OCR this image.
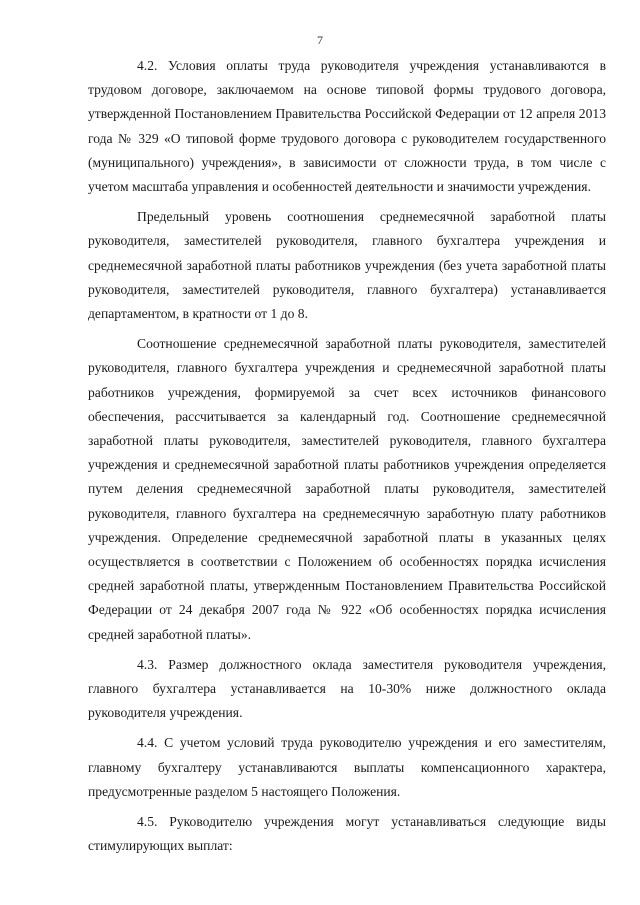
7

4.2. Условия оплаты труда руководителя учреждения устанавливаются в трудовом договоре, заключаемом на основе типовой формы трудового договора, утвержденной Постановлением Правительства Российской Федерации от 12 апреля 2013 года № 329 «О типовой форме трудового договора с руководителем государственного (муниципального) учреждения», в зависимости от сложности труда, в том числе с учетом масштаба управления и особенностей деятельности и значимости учреждения.

Предельный уровень соотношения среднемесячной заработной платы руководителя, заместителей руководителя, главного бухгалтера учреждения и среднемесячной заработной платы работников учреждения (без учета заработной платы руководителя, заместителей руководителя, главного бухгалтера) устанавливается департаментом, в кратности от 1 до 8.

Соотношение среднемесячной заработной платы руководителя, заместителей руководителя, главного бухгалтера учреждения и среднемесячной заработной платы работников учреждения, формируемой за счет всех источников финансового обеспечения, рассчитывается за календарный год. Соотношение среднемесячной заработной платы руководителя, заместителей руководителя, главного бухгалтера учреждения и среднемесячной заработной платы работников учреждения определяется путем деления среднемесячной заработной платы руководителя, заместителей руководителя, главного бухгалтера на среднемесячную заработную плату работников учреждения. Определение среднемесячной заработной платы в указанных целях осуществляется в соответствии с Положением об особенностях порядка исчисления средней заработной платы, утвержденным Постановлением Правительства Российской Федерации от 24 декабря 2007 года № 922 «Об особенностях порядка исчисления средней заработной платы».

4.3. Размер должностного оклада заместителя руководителя учреждения, главного бухгалтера устанавливается на 10-30% ниже должностного оклада руководителя учреждения.

4.4. С учетом условий труда руководителю учреждения и его заместителям, главному бухгалтеру устанавливаются выплаты компенсационного характера, предусмотренные разделом 5 настоящего Положения.

4.5. Руководителю учреждения могут устанавливаться следующие виды стимулирующих выплат:
